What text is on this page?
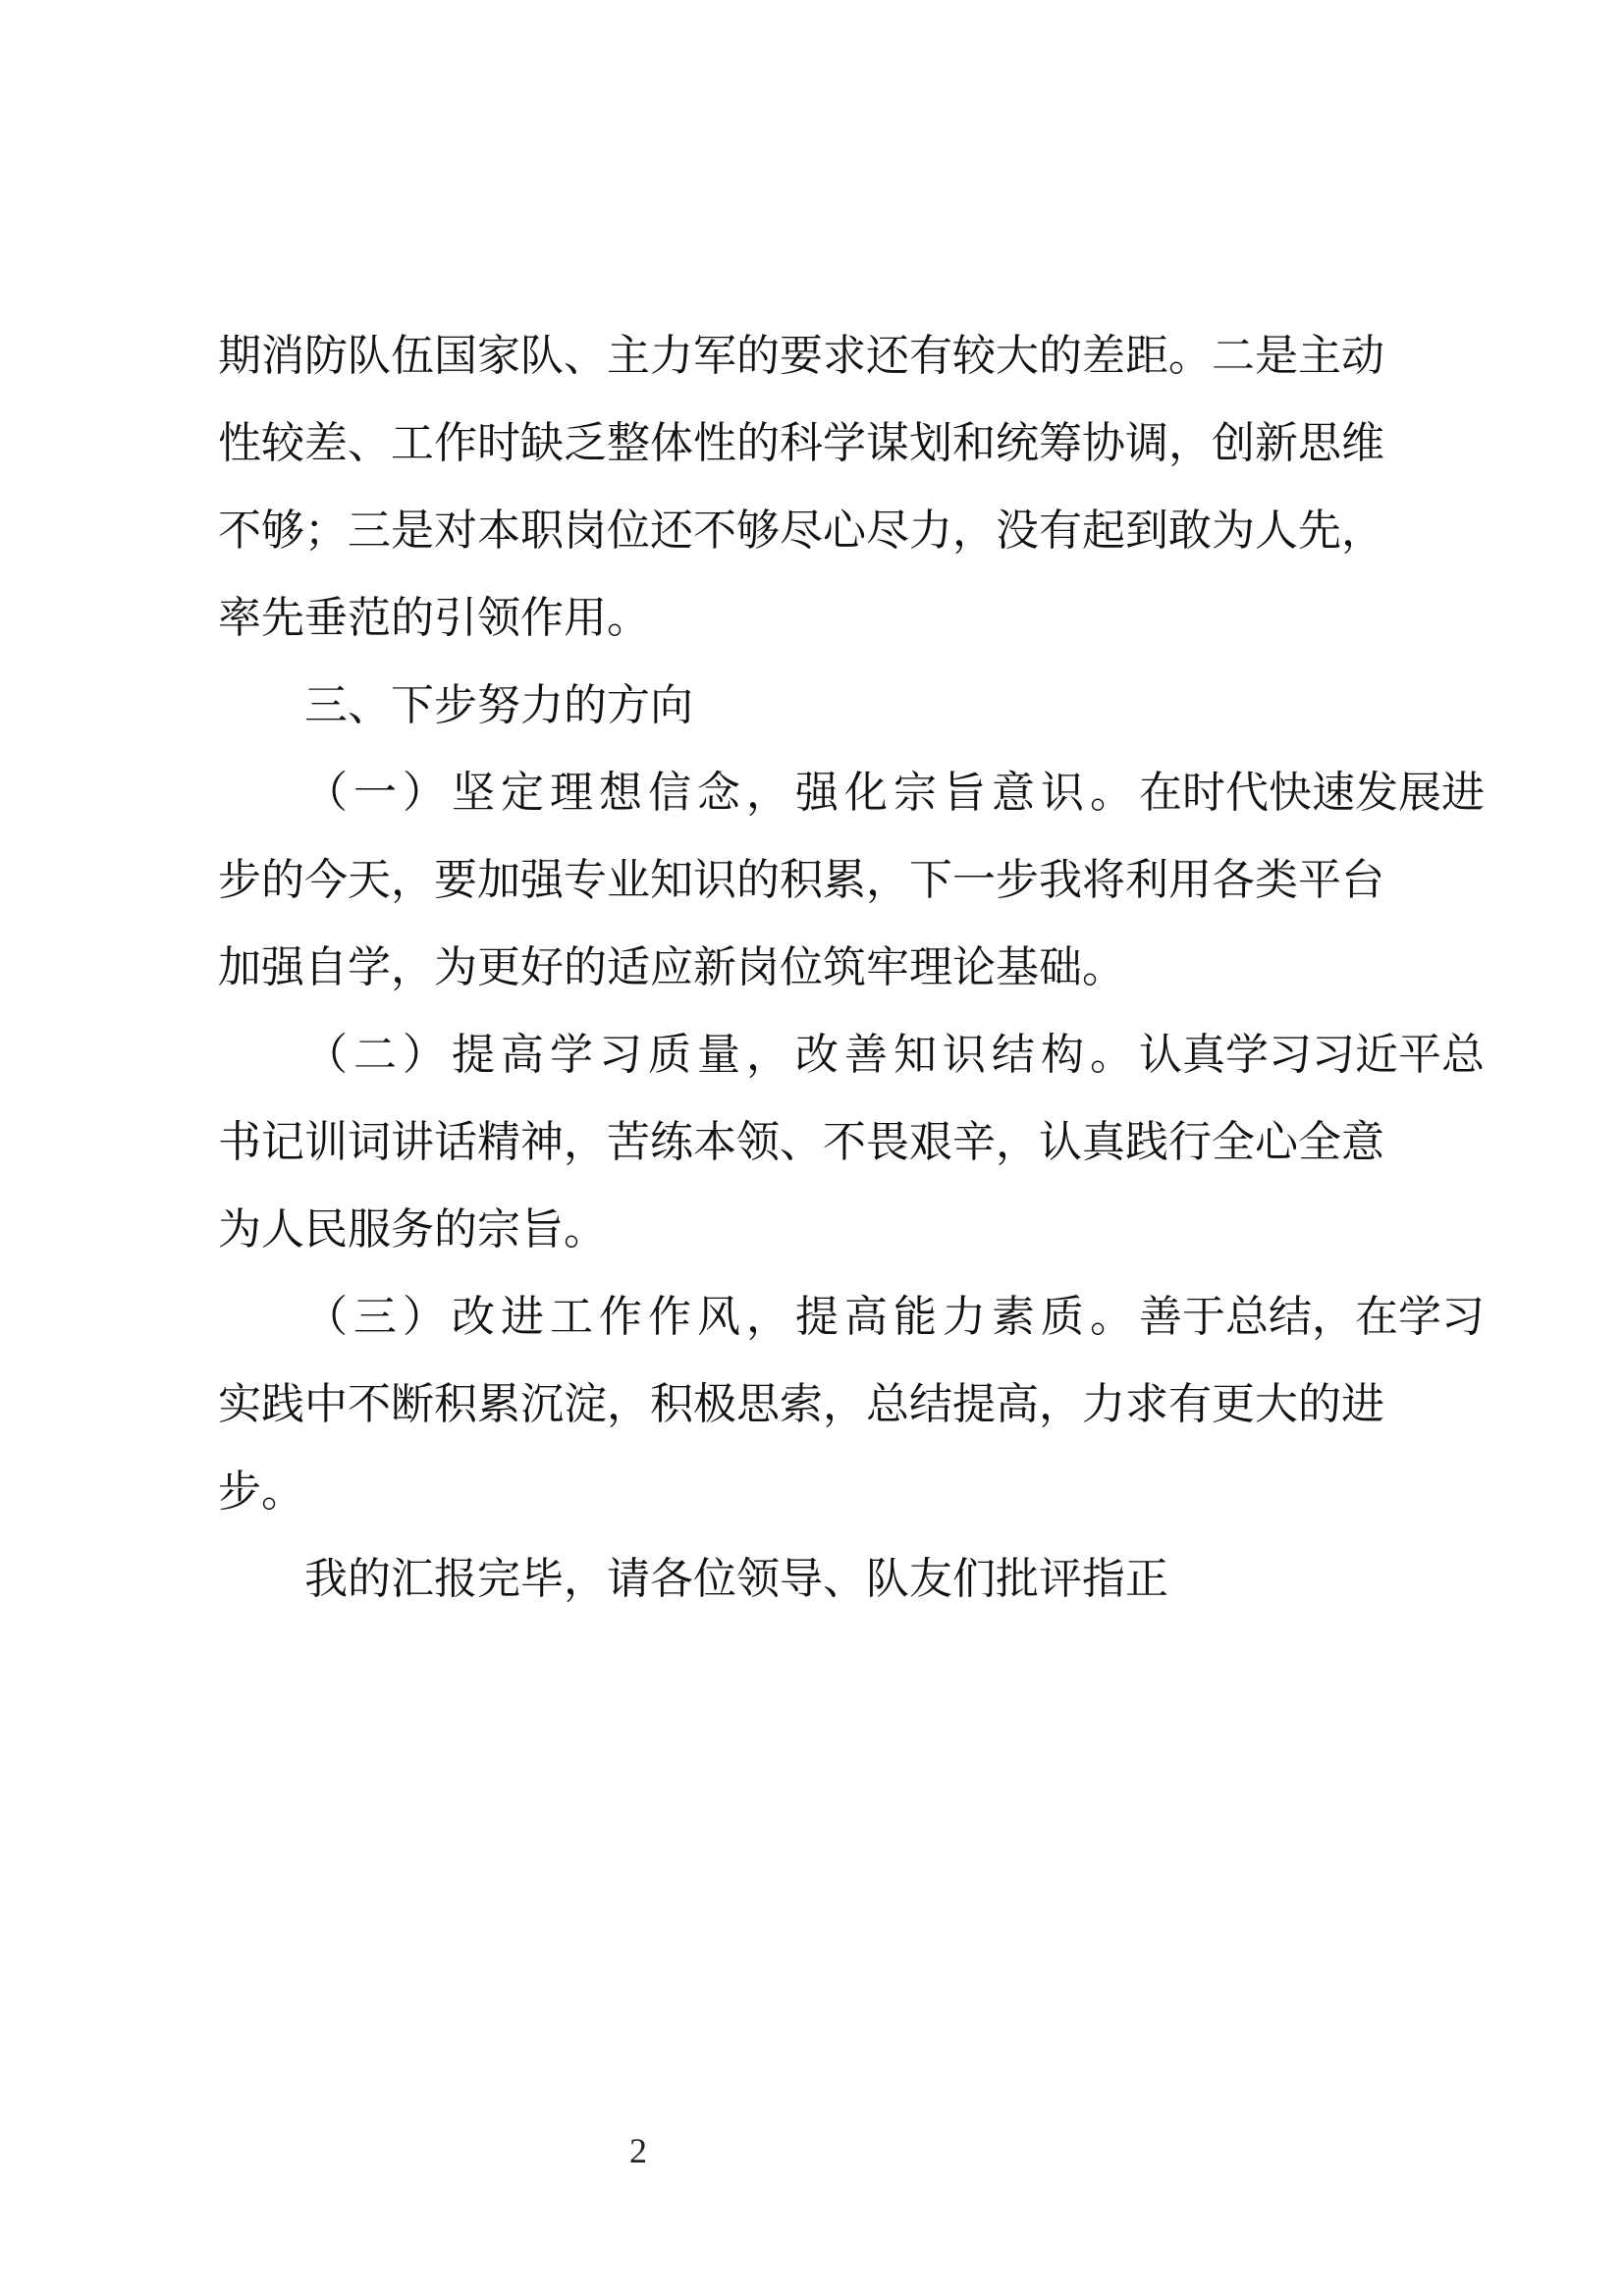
期消防队伍国家队、主力军的要求还有较大的差距。二是主动
性较差、工作时缺乏整体性的科学谋划和统筹协调，创新思维
不够；三是对本职岗位还不够尽心尽力，没有起到敢为人先，
率先垂范的引领作用。
三、下步努力的方向
（一）坚定理想信念，强化宗旨意识。在时代快速发展进
步的今天，要加强专业知识的积累，下一步我将利用各类平台
加强自学，为更好的适应新岗位筑牢理论基础。
（二）提高学习质量，改善知识结构。认真学习习近平总
书记训词讲话精神，苦练本领、不畏艰辛，认真践行全心全意
为人民服务的宗旨。
（三）改进工作作风，提高能力素质。善于总结，在学习
实践中不断积累沉淀，积极思索，总结提高，力求有更大的进
步。
我的汇报完毕，请各位领导、队友们批评指正
2
